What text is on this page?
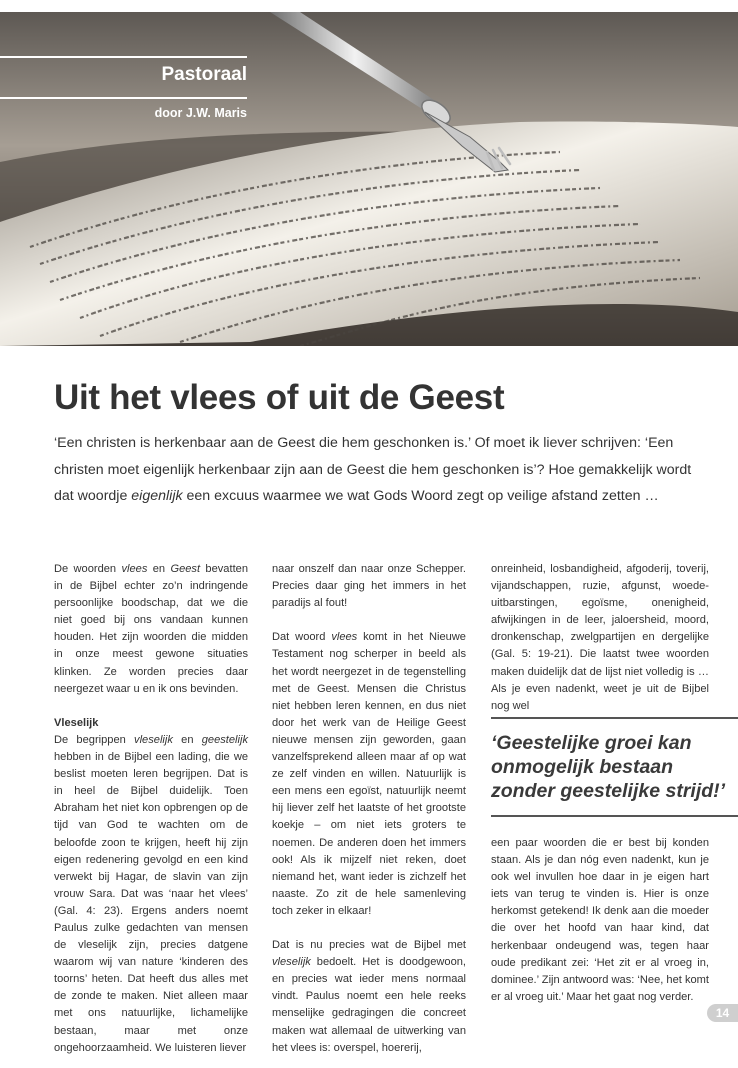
Pastoraal
door J.W. Maris
Uit het vlees of uit de Geest

‘Een christen is herkenbaar aan de Geest die hem geschonken is.’ Of moet ik liever schrijven: ‘Een christen moet eigenlijk herkenbaar zijn aan de Geest die hem geschonken is’? Hoe gemakkelijk wordt dat woordje eigenlijk een excuus waarmee we wat Gods Woord zegt op veilige afstand zetten …

De woorden vlees en Geest bevatten in de Bijbel echter zo’n indringende persoonlijke boodschap, dat we die niet goed bij ons vandaan kunnen houden. Het zijn woorden die midden in onze meest gewone situaties klinken. Ze worden precies daar neergezet waar u en ik ons bevinden.

Vleselijk

De begrippen vleselijk en geestelijk hebben in de Bijbel een lading, die we beslist moeten leren begrijpen. Dat is in heel de Bijbel duidelijk. Toen Abraham het niet kon opbrengen op de tijd van God te wachten om de beloofde zoon te krijgen, heeft hij zijn eigen redenering gevolgd en een kind verwekt bij Hagar, de slavin van zijn vrouw Sara. Dat was ‘naar het vlees’ (Gal. 4: 23). Ergens anders noemt Paulus zulke gedachten van mensen de vleselijk zijn, precies datgene waarom wij van nature ‘kinderen des toorns’ heten. Dat heeft dus alles met de zonde te maken. Niet alleen maar met ons natuurlijke, lichamelijke bestaan, maar met onze ongehoorzaamheid. We luisteren liever

naar onszelf dan naar onze Schepper. Precies daar ging het immers in het paradijs al fout!

Dat woord vlees komt in het Nieuwe Testament nog scherper in beeld als het wordt neergezet in de tegenstelling met de Geest. Mensen die Christus niet hebben leren kennen, en dus niet door het werk van de Heilige Geest nieuwe mensen zijn geworden, gaan vanzelfsprekend alleen maar af op wat ze zelf vinden en willen. Natuurlijk is een mens een egoïst, natuurlijk neemt hij liever zelf het laatste of het grootste koekje – om niet iets groters te noemen. De anderen doen het immers ook! Als ik mijzelf niet reken, doet niemand het, want ieder is zichzelf het naaste. Zo zit de hele samenleving toch zeker in elkaar!

Dat is nu precies wat de Bijbel met vleselijk bedoelt. Het is doodgewoon, en precies wat ieder mens normaal vindt. Paulus noemt een hele reeks menselijke gedragingen die concreet maken wat allemaal de uitwerking van het vlees is: overspel, hoererij,

onreinheid, losbandigheid, afgoderij, toverij, vijandschappen, ruzie, afgunst, woede-uitbarstingen, egoïsme, onenigheid, afwijkingen in de leer, jaloersheid, moord, dronkenschap, zwelgpartijen en dergelijke (Gal. 5: 19-21). Die laatst twee woorden maken duidelijk dat de lijst niet volledig is … Als je even nadenkt, weet je uit de Bijbel nog wel

‘Geestelijke groei kan onmogelijk bestaan zonder geestelijke strijd!’

een paar woorden die er best bij konden staan. Als je dan nóg even nadenkt, kun je ook wel invullen hoe daar in je eigen hart iets van terug te vinden is. Hier is onze herkomst getekend! Ik denk aan die moeder die over het hoofd van haar kind, dat herkenbaar ondeugend was, tegen haar oude predikant zei: ‘Het zit er al vroeg in, dominee.’ Zijn antwoord was: ‘Nee, het komt er al vroeg uit.’ Maar het gaat nog verder.

14
